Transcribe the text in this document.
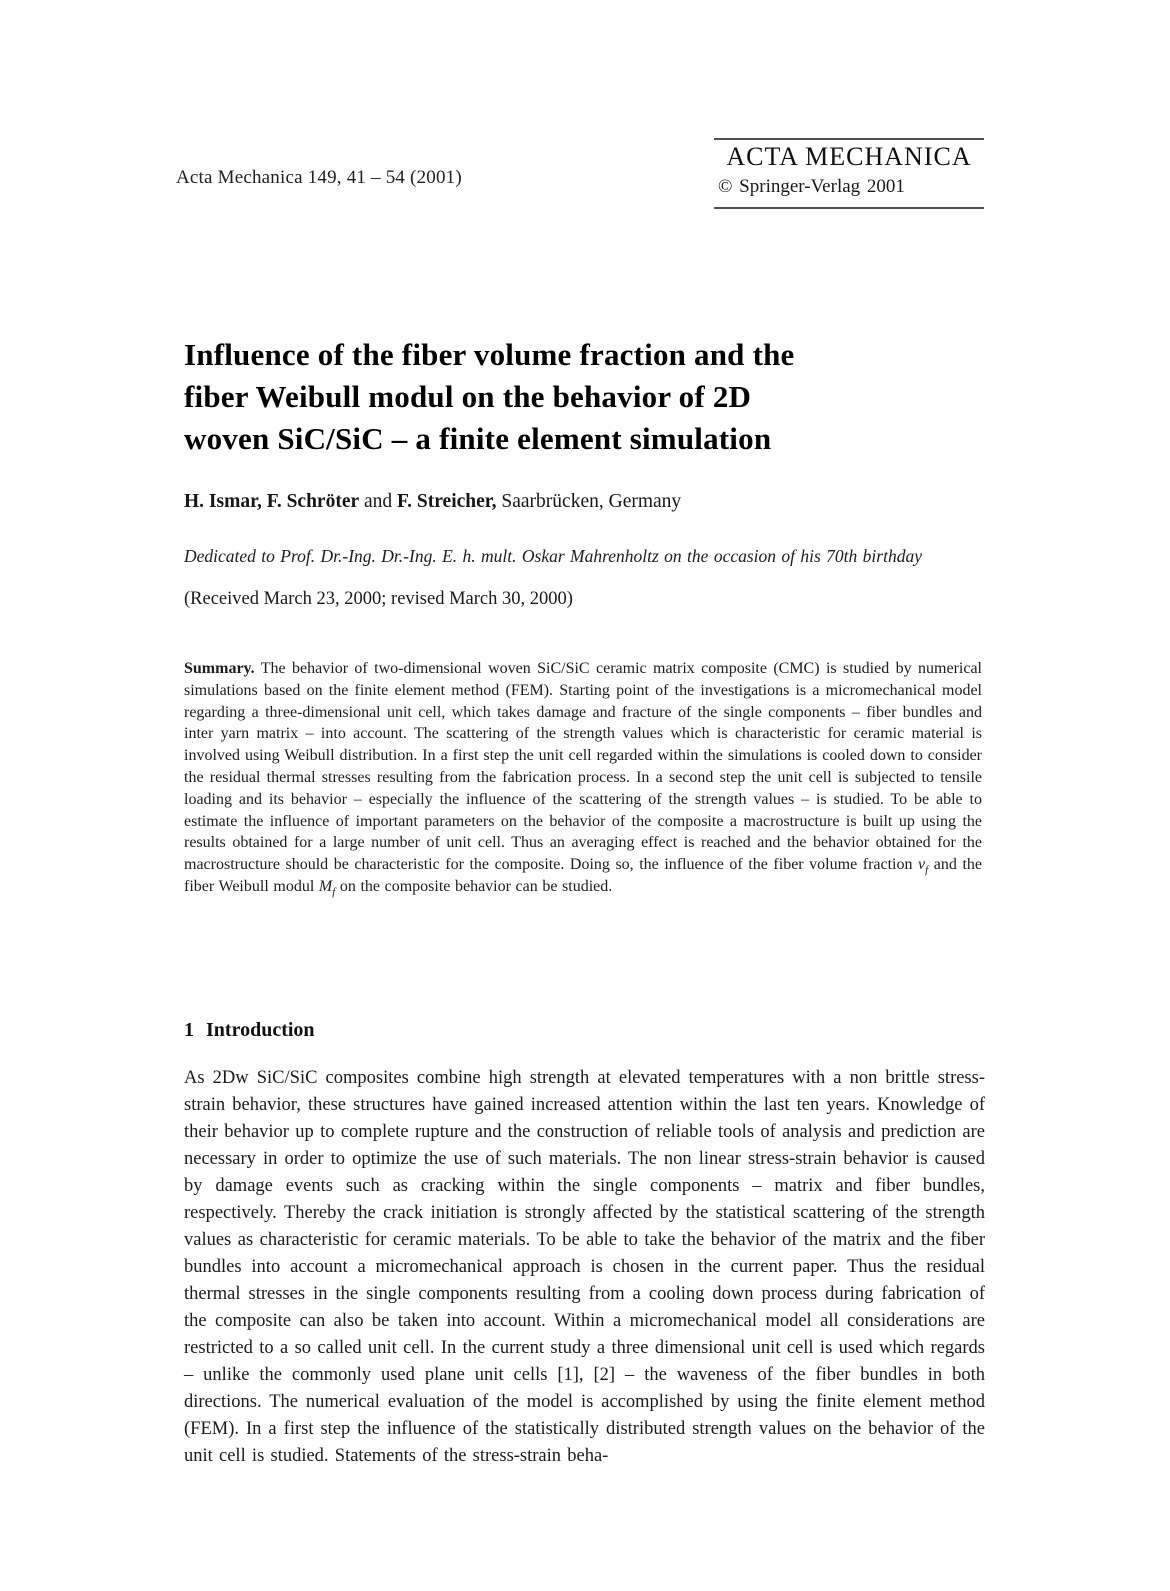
Acta Mechanica 149, 41 – 54 (2001)
ACTA MECHANICA
© Springer-Verlag 2001
Influence of the fiber volume fraction and the
fiber Weibull modul on the behavior of 2D
woven SiC/SiC – a finite element simulation
H. Ismar, F. Schröter and F. Streicher, Saarbrücken, Germany
Dedicated to Prof. Dr.-Ing. Dr.-Ing. E. h. mult. Oskar Mahrenholtz on the occasion of his 70th birthday
(Received March 23, 2000; revised March 30, 2000)

Summary. The behavior of two-dimensional woven SiC/SiC ceramic matrix composite (CMC) is studied by numerical simulations based on the finite element method (FEM). Starting point of the investigations is a micromechanical model regarding a three-dimensional unit cell, which takes damage and fracture of the single components – fiber bundles and inter yarn matrix – into account. The scattering of the strength values which is characteristic for ceramic material is involved using Weibull distribution. In a first step the unit cell regarded within the simulations is cooled down to consider the residual thermal stresses resulting from the fabrication process. In a second step the unit cell is subjected to tensile loading and its behavior – especially the influence of the scattering of the strength values – is studied. To be able to estimate the influence of important parameters on the behavior of the composite a macrostructure is built up using the results obtained for a large number of unit cell. Thus an averaging effect is reached and the behavior obtained for the macrostructure should be characteristic for the composite. Doing so, the influence of the fiber volume fraction $v_f$ and the fiber Weibull modul $M_f$ on the composite behavior can be studied.

1 Introduction

As 2Dw SiC/SiC composites combine high strength at elevated temperatures with a non brittle stress-strain behavior, these structures have gained increased attention within the last ten years. Knowledge of their behavior up to complete rupture and the construction of reliable tools of analysis and prediction are necessary in order to optimize the use of such materials. The non linear stress-strain behavior is caused by damage events such as cracking within the single components – matrix and fiber bundles, respectively. Thereby the crack initiation is strongly affected by the statistical scattering of the strength values as characteristic for ceramic materials. To be able to take the behavior of the matrix and the fiber bundles into account a micromechanical approach is chosen in the current paper. Thus the residual thermal stresses in the single components resulting from a cooling down process during fabrication of the composite can also be taken into account. Within a micromechanical model all considerations are restricted to a so called unit cell. In the current study a three dimensional unit cell is used which regards – unlike the commonly used plane unit cells [1], [2] – the waveness of the fiber bundles in both directions. The numerical evaluation of the model is accomplished by using the finite element method (FEM). In a first step the influence of the statistically distributed strength values on the behavior of the unit cell is studied. Statements of the stress-strain beha-
